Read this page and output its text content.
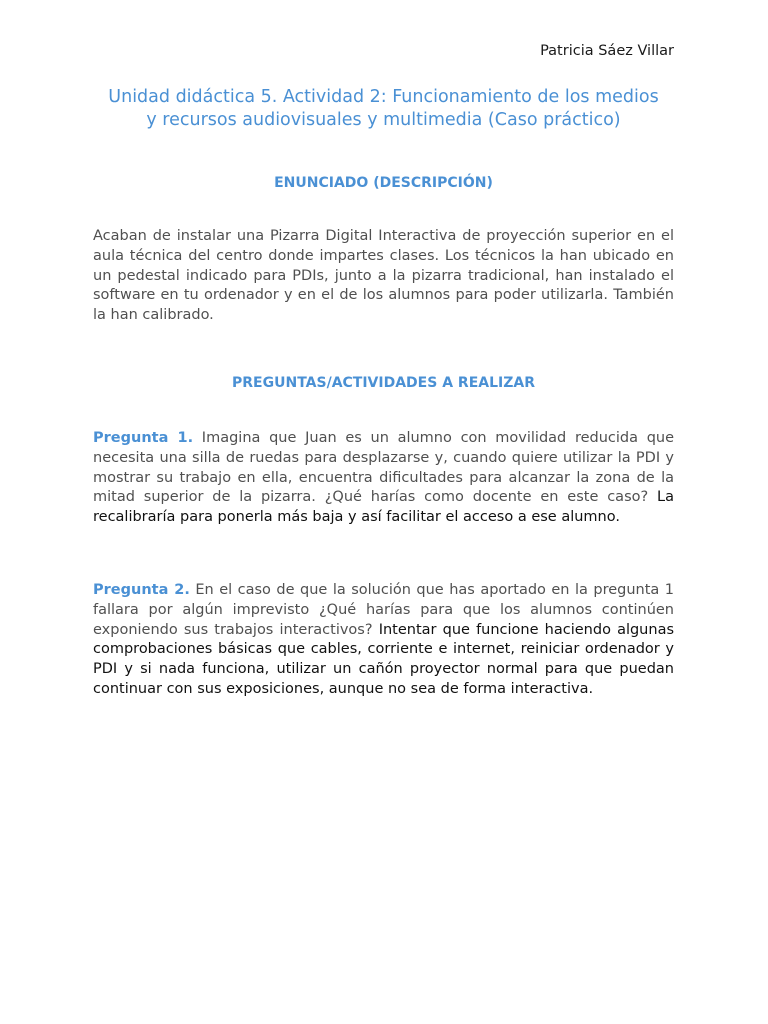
Patricia Sáez Villar
Unidad didáctica 5. Actividad 2: Funcionamiento de los medios
y recursos audiovisuales y multimedia (Caso práctico)
ENUNCIADO (DESCRIPCIÓN)
Acaban de instalar una Pizarra Digital Interactiva de proyección superior en el aula técnica del centro donde impartes clases. Los técnicos la han ubicado en un pedestal indicado para PDIs, junto a la pizarra tradicional, han instalado el software en tu ordenador y en el de los alumnos para poder utilizarla. También la han calibrado.
PREGUNTAS/ACTIVIDADES A REALIZAR
Pregunta 1. Imagina que Juan es un alumno con movilidad reducida que necesita una silla de ruedas para desplazarse y, cuando quiere utilizar la PDI y mostrar su trabajo en ella, encuentra dificultades para alcanzar la zona de la mitad superior de la pizarra. ¿Qué harías como docente en este caso? La recalibraría para ponerla más baja y así facilitar el acceso a ese alumno.
Pregunta 2. En el caso de que la solución que has aportado en la pregunta 1 fallara por algún imprevisto ¿Qué harías para que los alumnos continúen exponiendo sus trabajos interactivos? Intentar que funcione haciendo algunas comprobaciones básicas que cables, corriente e internet, reiniciar ordenador y PDI y si nada funciona, utilizar un cañón proyector normal para que puedan continuar con sus exposiciones, aunque no sea de forma interactiva.
